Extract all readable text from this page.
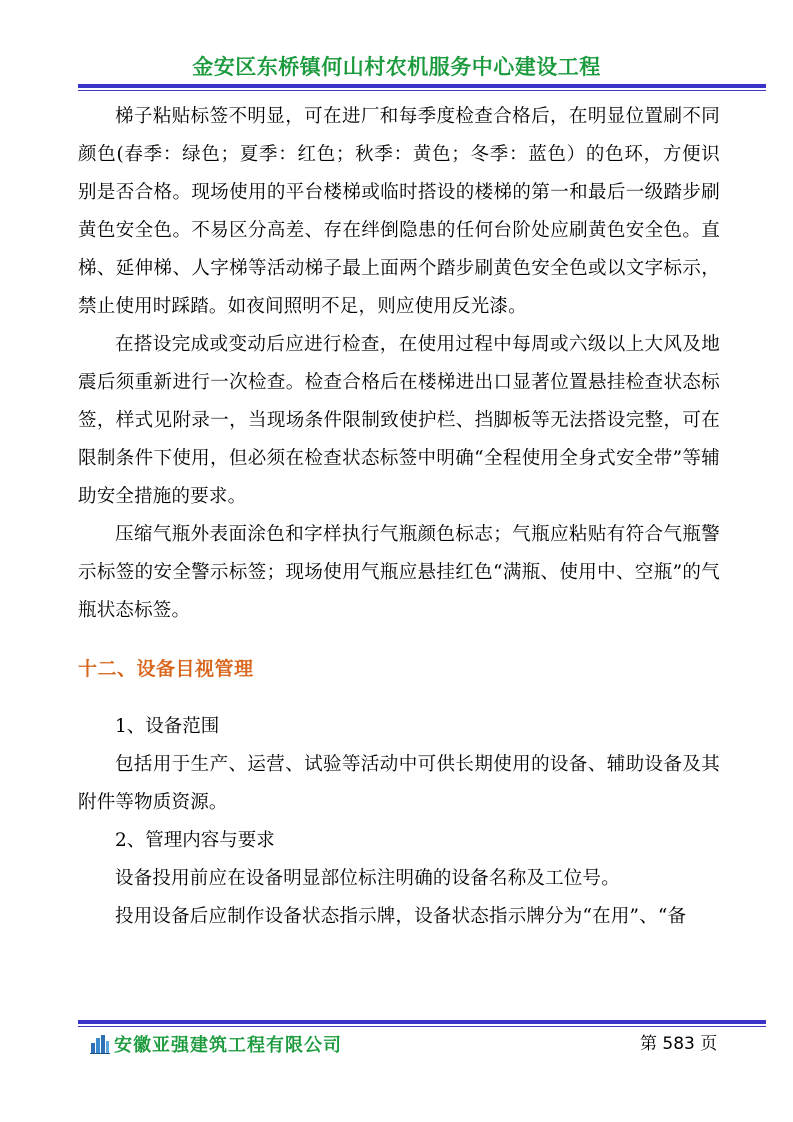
金安区东桥镇何山村农机服务中心建设工程

梯子粘贴标签不明显，可在进厂和每季度检查合格后，在明显位置刷不同颜色(春季：绿色；夏季：红色；秋季：黄色；冬季：蓝色）的色环，方便识别是否合格。现场使用的平台楼梯或临时搭设的楼梯的第一和最后一级踏步刷黄色安全色。不易区分高差、存在绊倒隐患的任何台阶处应刷黄色安全色。直梯、延伸梯、人字梯等活动梯子最上面两个踏步刷黄色安全色或以文字标示，禁止使用时踩踏。如夜间照明不足，则应使用反光漆。

在搭设完成或变动后应进行检查，在使用过程中每周或六级以上大风及地震后须重新进行一次检查。检查合格后在楼梯进出口显著位置悬挂检查状态标签，样式见附录一，当现场条件限制致使护栏、挡脚板等无法搭设完整，可在限制条件下使用，但必须在检查状态标签中明确“全程使用全身式安全带”等辅助安全措施的要求。

压缩气瓶外表面涂色和字样执行气瓶颜色标志；气瓶应粘贴有符合气瓶警示标签的安全警示标签；现场使用气瓶应悬挂红色“满瓶、使用中、空瓶”的气瓶状态标签。

十二、设备目视管理

1、设备范围

包括用于生产、运营、试验等活动中可供长期使用的设备、辅助设备及其附件等物质资源。

2、管理内容与要求

设备投用前应在设备明显部位标注明确的设备名称及工位号。

投用设备后应制作设备状态指示牌，设备状态指示牌分为“在用”、“备

安徽亚强建筑工程有限公司	第 583 页
